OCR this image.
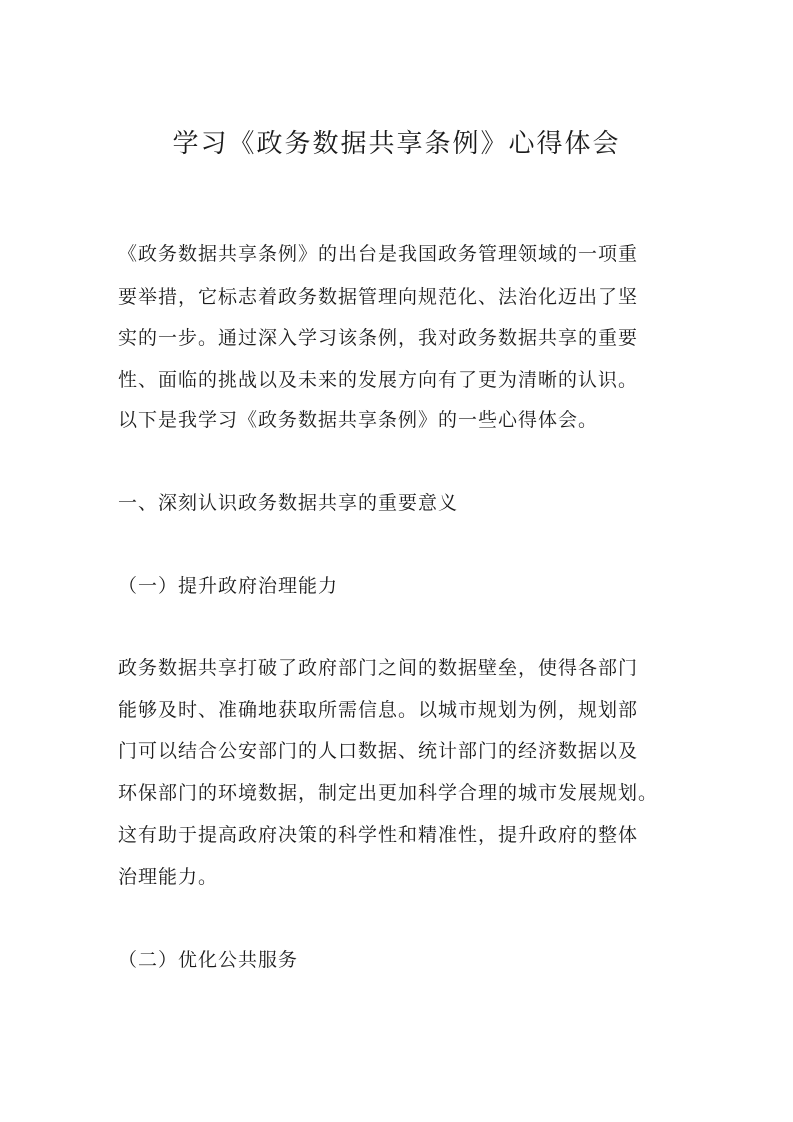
学习《政务数据共享条例》心得体会

《政务数据共享条例》的出台是我国政务管理领域的一项重

要举措，它标志着政务数据管理向规范化、法治化迈出了坚

实的一步。通过深入学习该条例，我对政务数据共享的重要

性、面临的挑战以及未来的发展方向有了更为清晰的认识。

以下是我学习《政务数据共享条例》的一些心得体会。

一、深刻认识政务数据共享的重要意义

（一）提升政府治理能力

政务数据共享打破了政府部门之间的数据壁垒，使得各部门

能够及时、准确地获取所需信息。以城市规划为例，规划部

门可以结合公安部门的人口数据、统计部门的经济数据以及

环保部门的环境数据，制定出更加科学合理的城市发展规划。

这有助于提高政府决策的科学性和精准性，提升政府的整体

治理能力。

（二）优化公共服务
